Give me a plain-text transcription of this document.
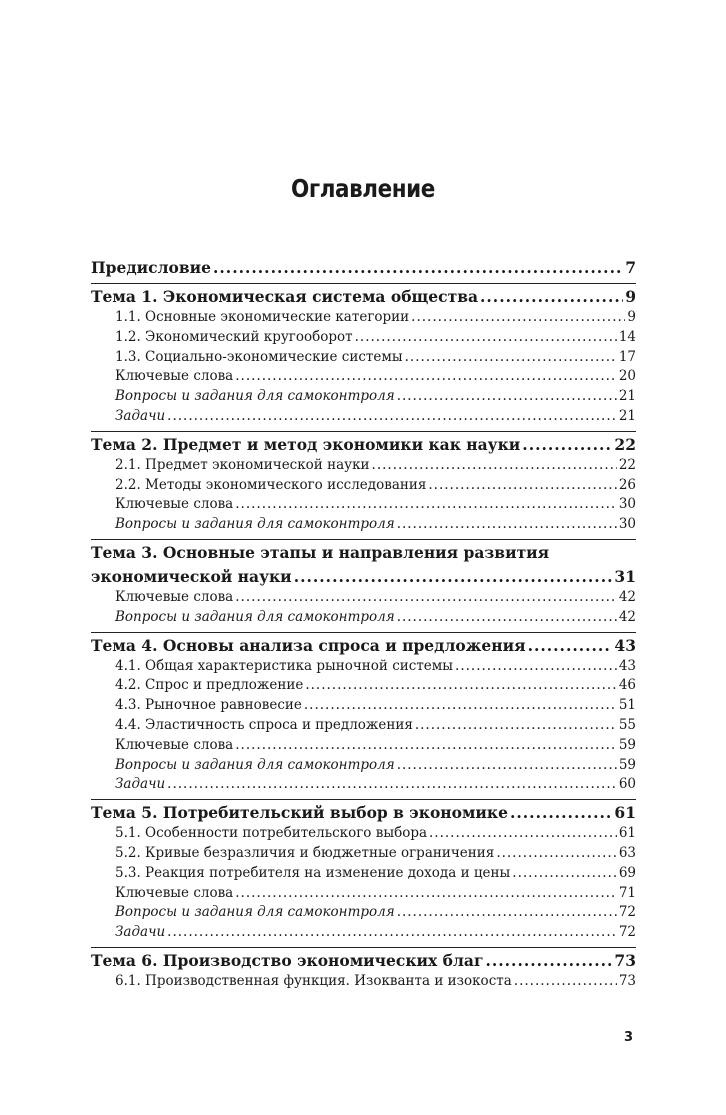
Оглавление
Предисловие .....	7
Тема 1. Экономическая система общества .....	9
1.1. Основные экономические категории .....	9
1.2. Экономический кругооборот .....	14
1.3. Социально-экономические системы .....	17
Ключевые слова .....	20
Вопросы и задания для самоконтроля .....	21
Задачи .....	21
Тема 2. Предмет и метод экономики как науки .....	22
2.1. Предмет экономической науки .....	22
2.2. Методы экономического исследования .....	26
Ключевые слова .....	30
Вопросы и задания для самоконтроля .....	30
Тема 3. Основные этапы и направления развития
экономической науки .....	31
Ключевые слова .....	42
Вопросы и задания для самоконтроля .....	42
Тема 4. Основы анализа спроса и предложения .....	43
4.1. Общая характеристика рыночной системы .....	43
4.2. Спрос и предложение .....	46
4.3. Рыночное равновесие .....	51
4.4. Эластичность спроса и предложения .....	55
Ключевые слова .....	59
Вопросы и задания для самоконтроля .....	59
Задачи .....	60
Тема 5. Потребительский выбор в экономике .....	61
5.1. Особенности потребительского выбора .....	61
5.2. Кривые безразличия и бюджетные ограничения .....	63
5.3. Реакция потребителя на изменение дохода и цены .....	69
Ключевые слова .....	71
Вопросы и задания для самоконтроля .....	72
Задачи .....	72
Тема 6. Производство экономических благ .....	73
6.1. Производственная функция. Изокванта и изокоста .....	73
3
